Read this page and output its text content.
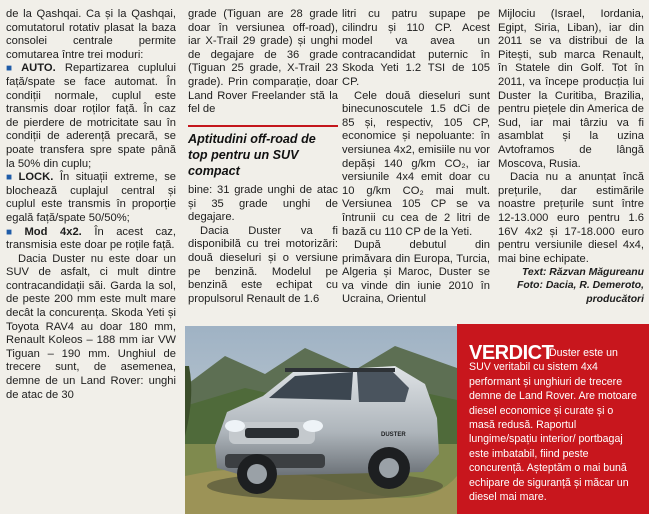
de la Qashqai. Ca și la Qashqai, comutatorul rotativ plasat la baza consolei centrale permite comutarea între trei moduri:

■ AUTO. Repartizarea cuplului față/spate se face automat. În condiții normale, cuplul este transmis doar roților față. În caz de pierdere de motricitate sau în condiții de aderență precară, se poate transfera spre spate până la 50% din cuplu;

■ LOCK. În situații extreme, se blochează cuplajul central și cuplul este transmis în proporție egală față/spate 50/50%;

■ Mod 4x2. În acest caz, transmisia este doar pe roțile față.

Dacia Duster nu este doar un SUV de asfalt, ci mult dintre contracandidații săi. Garda la sol, de peste 200 mm este mult mare decât la concurența. Skoda Yeti și Toyota RAV4 au doar 180 mm, Renault Koleos – 188 mm iar VW Tiguan – 190 mm. Unghiul de trecere sunt, de asemenea, demne de un Land Rover: unghi de atac de 30

grade (Tiguan are 28 grade doar în versiunea off-road), iar X-Trail 29 grade) și unghi de degajare de 36 grade (Tiguan 25 grade, X-Trail 23 grade). Prin comparație, doar Land Rover Freelander stă la fel de

Aptitudini off-road de top pentru un SUV compact

bine: 31 grade unghi de atac și 35 grade unghi de degajare.

Dacia Duster va fi disponibilă cu trei motorizări: două dieseluri și o versiune pe benzină. Modelul pe benzină este echipat cu propulsorul Renault de 1.6

litri cu patru supape pe cilindru și 110 CP. Acest model va avea un contracandidat puternic în Skoda Yeti 1.2 TSI de 105 CP.

Cele două dieseluri sunt binecunoscutele 1.5 dCi de 85 și, respectiv, 105 CP, economice și nepoluante: în versiunea 4x2, emisiile nu vor depăși 140 g/km CO₂, iar versiunile 4x4 emit doar cu 10 g/km CO₂ mai mult. Versiunea 105 CP se va întrunii cu cea de 2 litri de bază cu 110 CP de la Yeti.

După debutul din primăvara din Europa, Turcia, Algeria și Maroc, Duster se va vinde din iunie 2010 în Ucraina, Orientul

Mijlociu (Israel, Iordania, Egipt, Siria, Liban), iar din 2011 se va distribui de la Pitești, sub marca Renault, în Statele din Golf. Tot în 2011, va începe producția lui Duster la Curitiba, Brazilia, pentru piețele din America de Sud, iar mai târziu va fi asamblat și la uzina Avtoframos de lângă Moscova, Rusia.

Dacia nu a anunțat încă prețurile, dar estimările noastre prețurile sunt între 12-13.000 euro pentru 1.6 16V 4x2 și 17-18.000 euro pentru versiunile diesel 4x4, mai bine echipate.

Text: Răzvan Măgureanu
Foto: Dacia, R. Demeroto, producători
DUSTER
VERDICT
Duster este un SUV veritabil cu sistem 4x4 performant și unghiuri de trecere demne de Land Rover. Are motoare diesel economice și curate și o masă redusă. Raportul lungime/spațiu interior/ portbagaj este imbatabil, fiind peste concurență. Așteptăm o mai bună echipare de siguranță și măcar un diesel mai mare.
